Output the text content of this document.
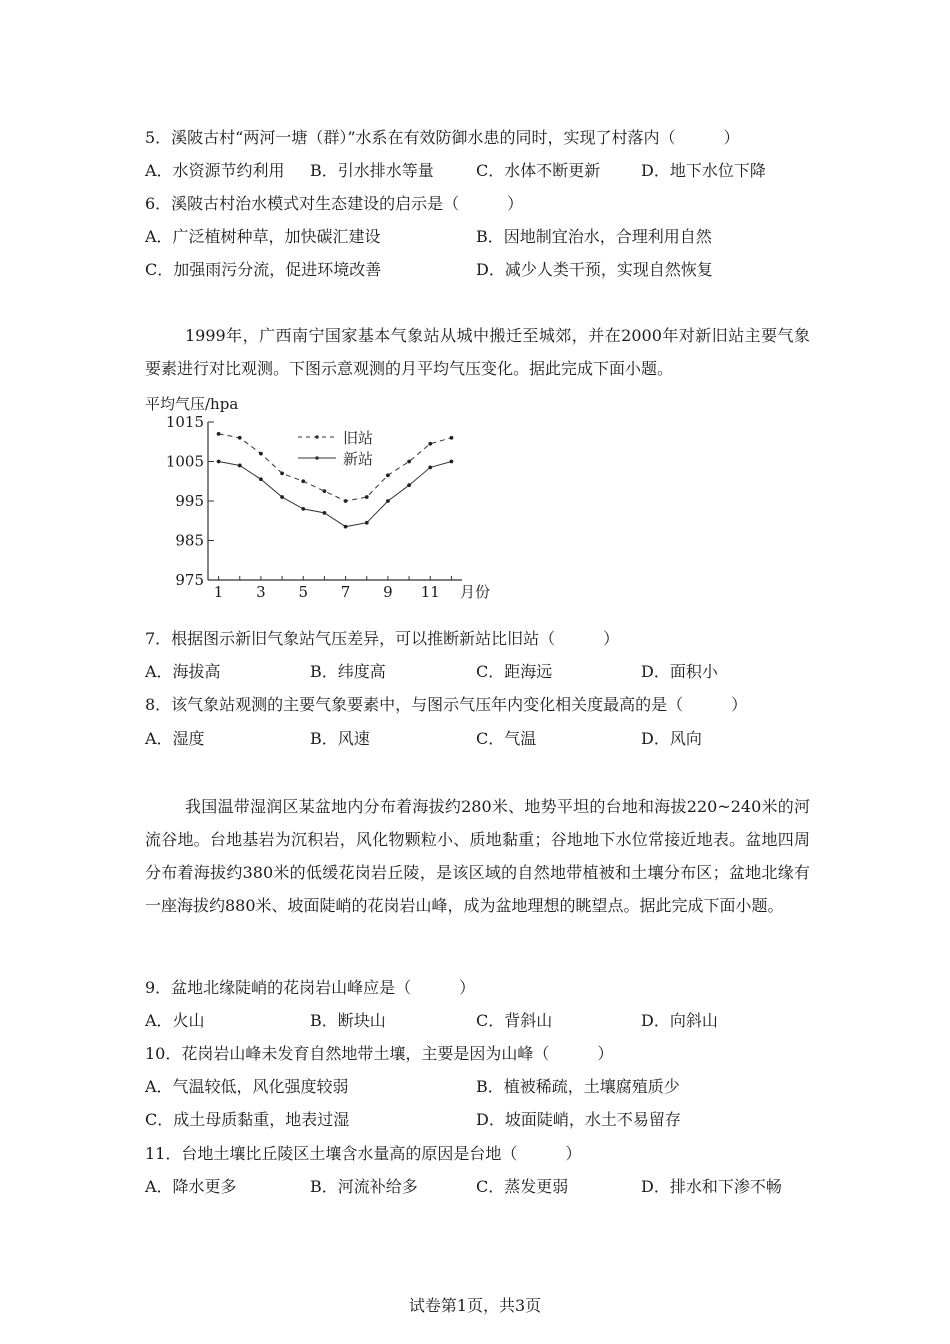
5．溪陂古村“两河一塘（群）”水系在有效防御水患的同时，实现了村落内（　　　）
A．水资源节约利用 B．引水排水等量	C．水体不断更新	D．地下水位下降
6．溪陂古村治水模式对生态建设的启示是（　　　）
A．广泛植树种草，加快碳汇建设	B．因地制宜治水，合理利用自然
C．加强雨污分流，促进环境改善	D．减少人类干预，实现自然恢复
1999年，广西南宁国家基本气象站从城中搬迁至城郊，并在2000年对新旧站主要气象要素进行对比观测。下图示意观测的月平均气压变化。据此完成下面小题。
平均气压/hpa
1015
1005
995
985
975
1 3 5 7 9 11 月份
旧站
新站
7．根据图示新旧气象站气压差异，可以推断新站比旧站（　　　）
A．海拔高	B．纬度高	C．距海远	D．面积小
8．该气象站观测的主要气象要素中，与图示气压年内变化相关度最高的是（　　　）
A．湿度	B．风速	C．气温	D．风向
我国温带湿润区某盆地内分布着海拔约280米、地势平坦的台地和海拔220~240米的河流谷地。台地基岩为沉积岩，风化物颗粒小、质地黏重；谷地地下水位常接近地表。盆地四周分布着海拔约380米的低缓花岗岩丘陵，是该区域的自然地带植被和土壤分布区；盆地北缘有一座海拔约880米、坡面陡峭的花岗岩山峰，成为盆地理想的眺望点。据此完成下面小题。
9．盆地北缘陡峭的花岗岩山峰应是（　　　）
A．火山	B．断块山	C．背斜山	D．向斜山
10．花岗岩山峰未发育自然地带土壤，主要是因为山峰（　　　）
A．气温较低，风化强度较弱	B．植被稀疏，土壤腐殖质少
C．成土母质黏重，地表过湿	D．坡面陡峭，水土不易留存
11．台地土壤比丘陵区土壤含水量高的原因是台地（　　　）
A．降水更多	B．河流补给多	C．蒸发更弱	D．排水和下渗不畅
试卷第1页，共3页
